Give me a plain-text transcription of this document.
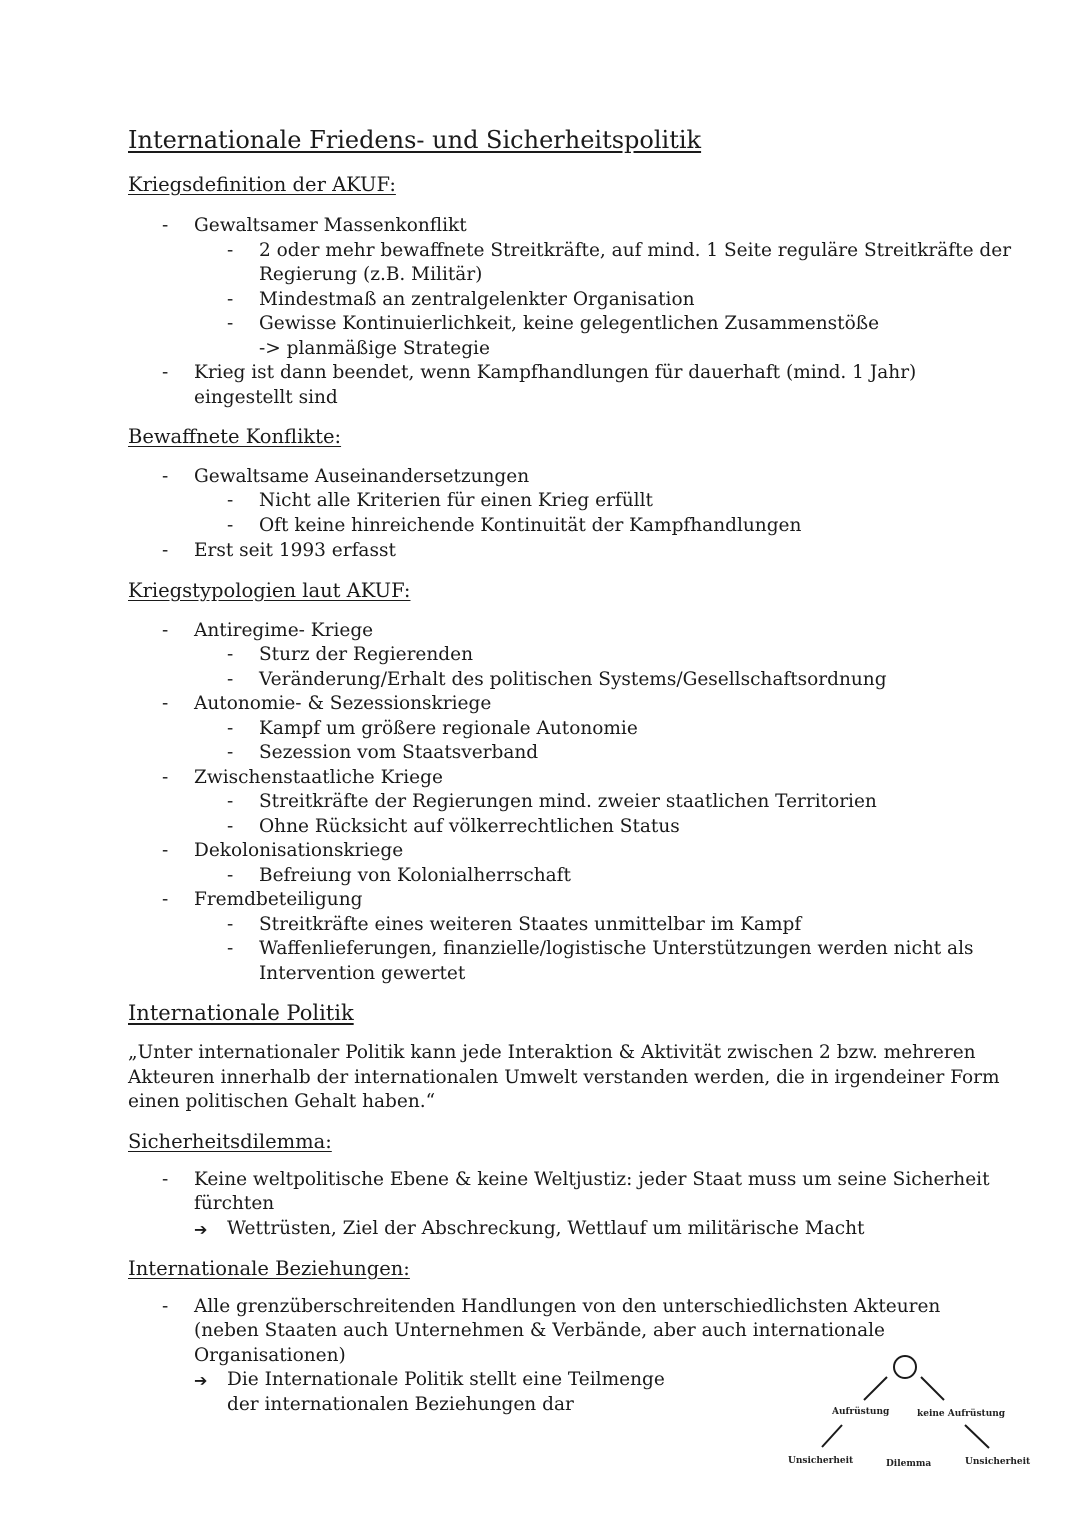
Internationale Friedens- und Sicherheitspolitik
Kriegsdefinition der AKUF:
- Gewaltsamer Massenkonflikt
- 2 oder mehr bewaffnete Streitkräfte, auf mind. 1 Seite reguläre Streitkräfte der
Regierung (z.B. Militär)
- Mindestmaß an zentralgelenkter Organisation
- Gewisse Kontinuierlichkeit, keine gelegentlichen Zusammenstöße
-> planmäßige Strategie
- Krieg ist dann beendet, wenn Kampfhandlungen für dauerhaft (mind. 1 Jahr)
eingestellt sind
Bewaffnete Konflikte:
- Gewaltsame Auseinandersetzungen
- Nicht alle Kriterien für einen Krieg erfüllt
- Oft keine hinreichende Kontinuität der Kampfhandlungen
- Erst seit 1993 erfasst
Kriegstypologien laut AKUF:
- Antiregime- Kriege
- Sturz der Regierenden
- Veränderung/Erhalt des politischen Systems/Gesellschaftsordnung
- Autonomie- & Sezessionskriege
- Kampf um größere regionale Autonomie
- Sezession vom Staatsverband
- Zwischenstaatliche Kriege
- Streitkräfte der Regierungen mind. zweier staatlichen Territorien
- Ohne Rücksicht auf völkerrechtlichen Status
- Dekolonisationskriege
- Befreiung von Kolonialherrschaft
- Fremdbeteiligung
- Streitkräfte eines weiteren Staates unmittelbar im Kampf
- Waffenlieferungen, finanzielle/logistische Unterstützungen werden nicht als
Intervention gewertet
Internationale Politik
„Unter internationaler Politik kann jede Interaktion & Aktivität zwischen 2 bzw. mehreren
Akteuren innerhalb der internationalen Umwelt verstanden werden, die in irgendeiner Form
einen politischen Gehalt haben.“
Sicherheitsdilemma:
- Keine weltpolitische Ebene & keine Weltjustiz: jeder Staat muss um seine Sicherheit
fürchten
➔ Wettrüsten, Ziel der Abschreckung, Wettlauf um militärische Macht
Internationale Beziehungen:
- Alle grenzüberschreitenden Handlungen von den unterschiedlichsten Akteuren
(neben Staaten auch Unternehmen & Verbände, aber auch internationale
Organisationen)
➔ Die Internationale Politik stellt eine Teilmenge
der internationalen Beziehungen dar	Aufrüstung	keine Aufrüstung
Unsicherheit	Dilemma	Unsicherheit
